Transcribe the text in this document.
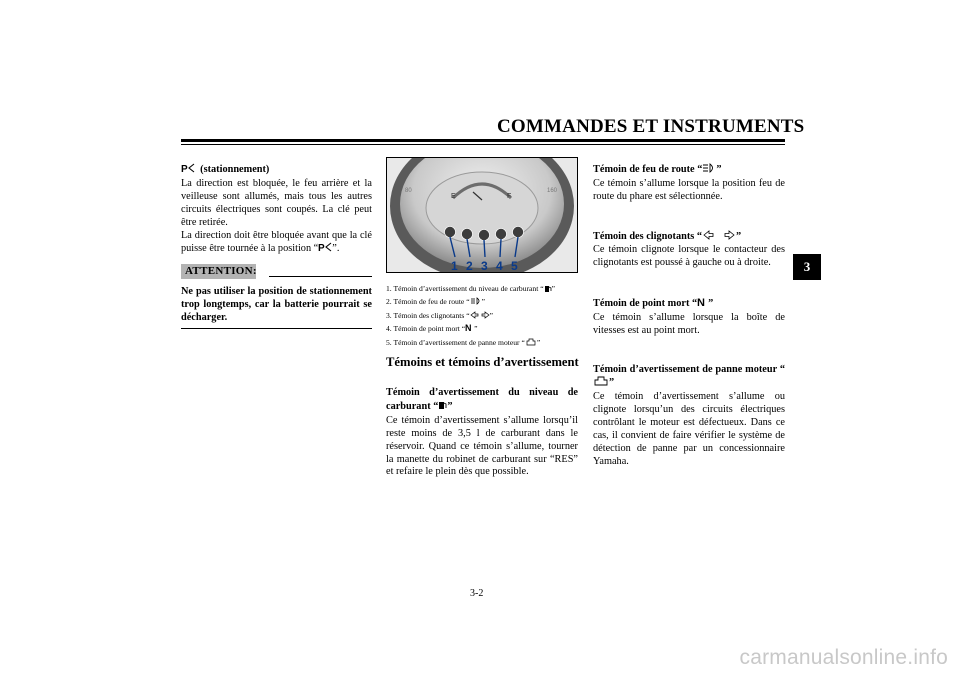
COMMANDES ET INSTRUMENTS
3

P (stationnement)

La direction est bloquée, le feu arrière et la veilleuse sont allumés, mais tous les autres circuits électriques sont coupés. La clé peut être retirée.

La direction doit être bloquée avant que la clé puisse être tournée à la position “ P ”.

ATTENTION:

Ne pas utiliser la position de stationnement trop longtemps, car la batterie pourrait se décharger.

E	F
80	160
1 2 3 4 5
1. Témoin d’avertissement du niveau de carburant “ ”
2. Témoin de feu de route “ ”
3. Témoin des clignotants “	”
4. Témoin de point mort “ N ”
5. Témoin d’avertissement de panne moteur “ ”
Témoins et témoins d’avertissement

Témoin d’avertissement du niveau de carburant “ ”

Ce témoin d’avertissement s’allume lorsqu’il reste moins de 3,5 l de carburant dans le réservoir. Quand ce témoin s’allume, tourner la manette du robinet de carburant sur “RES” et refaire le plein dès que possible.

Témoin de feu de route “ ”

Ce témoin s’allume lorsque la position feu de route du phare est sélectionnée.

Témoin des clignotants “	”

Ce témoin clignote lorsque le contacteur des clignotants est poussé à gauche ou à droite.

Témoin de point mort “ N ”

Ce témoin s’allume lorsque la boîte de vitesses est au point mort.

Témoin d’avertissement de panne moteur “”

Ce témoin d’avertissement s’allume ou clignote lorsqu’un des circuits électriques contrôlant le moteur est défectueux. Dans ce cas, il convient de faire vérifier le système de détection de panne par un concessionnaire Yamaha.

3-2
carmanualsonline.info
